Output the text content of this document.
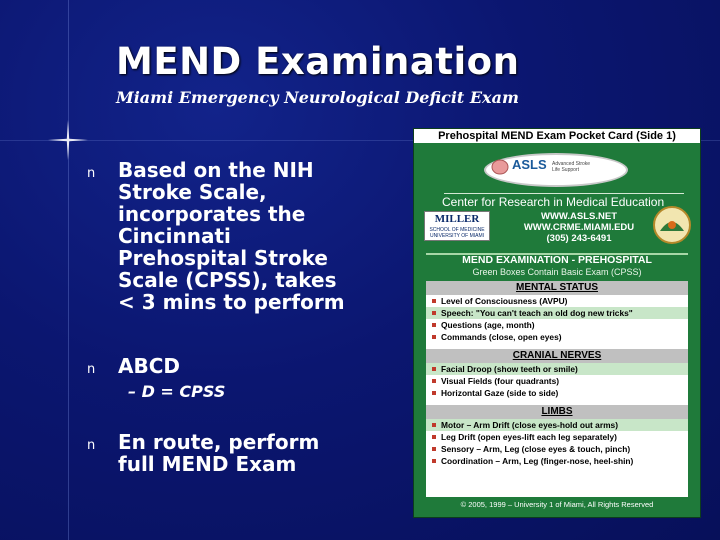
MEND Examination
Miami Emergency Neurological Deficit Exam
n Based on the NIH
Stroke Scale,
incorporates the
Cincinnati
Prehospital Stroke
Scale (CPSS), takes
< 3 mins to perform
n ABCD
– D = CPSS
n En route, perform
full MEND Exam
Prehospital MEND Exam Pocket Card (Side 1)
ASLS Advanced Stroke Life Support
Center for Research in Medical Education
MILLER
SCHOOL OF MEDICINE UNIVERSITY OF MIAMI
WWW.ASLS.NET
WWW.CRME.MIAMI.EDU
(305) 243-6491
MEND EXAMINATION - PREHOSPITAL
Green Boxes Contain Basic Exam (CPSS)
MENTAL STATUS
Level of Consciousness (AVPU)
Speech: "You can't teach an old dog new tricks"
Questions (age, month)
Commands (close, open eyes)
CRANIAL NERVES
Facial Droop (show teeth or smile)
Visual Fields (four quadrants)
Horizontal Gaze (side to side)
LIMBS
Motor – Arm Drift (close eyes-hold out arms)
Leg Drift (open eyes-lift each leg separately)
Sensory – Arm, Leg (close eyes & touch, pinch)
Coordination – Arm, Leg (finger-nose, heel-shin)
© 2005, 1999 – University 1 of Miami, All Rights Reserved
